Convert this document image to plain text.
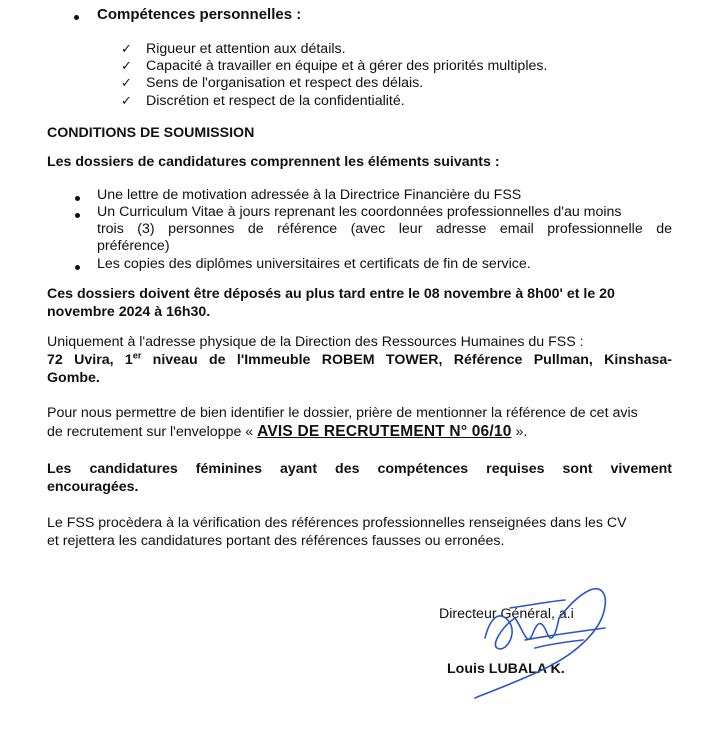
Compétences personnelles :
✓ Rigueur et attention aux détails.
✓ Capacité à travailler en équipe et à gérer des priorités multiples.
✓ Sens de l'organisation et respect des délais.
✓ Discrétion et respect de la confidentialité.
CONDITIONS DE SOUMISSION
Les dossiers de candidatures comprennent les éléments suivants :
Une lettre de motivation adressée à la Directrice Financière du FSS
Un Curriculum Vitae à jours reprenant les coordonnées professionnelles d'au moins
trois (3) personnes de référence (avec leur adresse email professionnelle de
préférence)
Les copies des diplômes universitaires et certificats de fin de service.
Ces dossiers doivent être déposés au plus tard entre le 08 novembre à 8h00' et le 20
novembre 2024 à 16h30.
Uniquement à l'adresse physique de la Direction des Ressources Humaines du FSS :
72 Uvira, 1er niveau de l'Immeuble ROBEM TOWER, Référence Pullman, Kinshasa-
Gombe.
Pour nous permettre de bien identifier le dossier, prière de mentionner la référence de cet avis
de recrutement sur l'enveloppe « AVIS DE RECRUTEMENT N° 06/10 ».
Les candidatures féminines ayant des compétences requises sont vivement
encouragées.
Le FSS procèdera à la vérification des références professionnelles renseignées dans les CV
et rejettera les candidatures portant des références fausses ou erronées.
Directeur Général, a.i
Louis LUBALA K.
